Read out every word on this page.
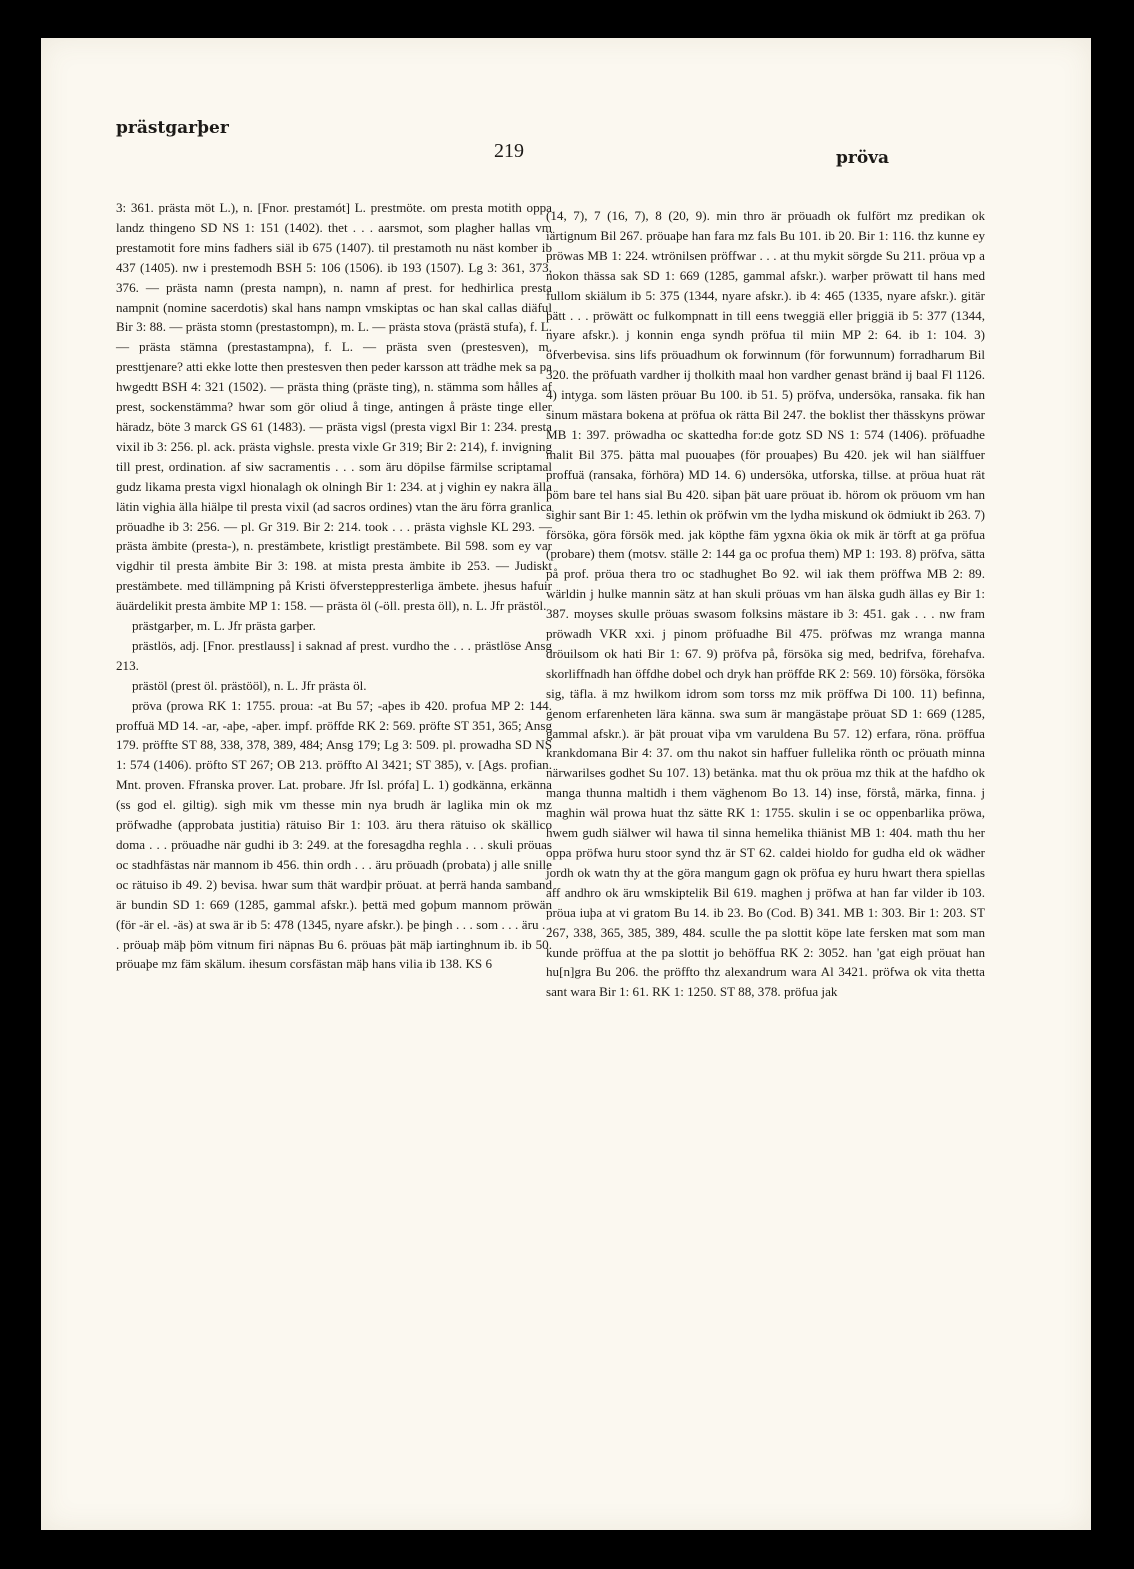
prästgarþer
219	pröva

3: 361. prästa möt L.), n. [Fnor. prestamót] L. prestmöte. om presta motith oppa landz thingeno SD NS 1: 151 (1402). thet . . . aarsmot, som plagher hallas vm prestamotit fore mins fadhers siäl ib 675 (1407). til prestamoth nu näst komber ib 437 (1405). nw i prestemodh BSH 5: 106 (1506). ib 193 (1507). Lg 3: 361, 373, 376. — prästa namn (presta nampn), n. namn af prest. for hedhirlica presta nampnit (nomine sacerdotis) skal hans nampn vmskiptas oc han skal callas diäful Bir 3: 88. — prästa stomn (prestastompn), m. L. — prästa stova (prästä stufa), f. L. — prästa stämna (prestastampna), f. L. — prästa sven (prestesven), m. presttjenare? atti ekke lotte then prestesven then peder karsson att trädhe mek sa pa hwgedtt BSH 4: 321 (1502). — prästa thing (präste ting), n. stämma som hålles af prest, sockenstämma? hwar som gör oliud å tinge, antingen å präste tinge eller häradz, böte 3 marck GS 61 (1483). — prästa vigsl (presta vigxl Bir 1: 234. presta vixil ib 3: 256. pl. ack. prästa vighsle. presta vixle Gr 319; Bir 2: 214), f. invigning till prest, ordination. af siw sacramentis . . . som äru döpilse färmilse scriptamal gudz likama presta vigxl hionalagh ok olningh Bir 1: 234. at j vighin ey nakra älla lätin vighia älla hiälpe til presta vixil (ad sacros ordines) vtan the äru förra granlica pröuadhe ib 3: 256. — pl. Gr 319. Bir 2: 214. took . . . prästa vighsle KL 293. — prästa ämbite (presta-), n. prestämbete, kristligt prestämbete. Bil 598. som ey var vigdhir til presta ämbite Bir 3: 198. at mista presta ämbite ib 253. — Judiskt prestämbete. med tillämpning på Kristi öfversteppresterliga ämbete. jhesus hafuir äuärdelikit presta ämbite MP 1: 158. — prästa öl (-öll. presta öll), n. L. Jfr prästöl.

prästgarþer, m. L. Jfr prästa garþer.

prästlös, adj. [Fnor. prestlauss] i saknad af prest. vurdho the . . . prästlöse Ansg 213.

prästöl (prest öl. prästööl), n. L. Jfr prästa öl.

pröva (prowa RK 1: 1755. proua: -at Bu 57; -aþes ib 420. profua MP 2: 144. proffuä MD 14. -ar, -aþe, -aþer. impf. pröffde RK 2: 569. pröfte ST 351, 365; Ansg 179. pröffte ST 88, 338, 378, 389, 484; Ansg 179; Lg 3: 509. pl. prowadha SD NS 1: 574 (1406). pröfto ST 267; OB 213. pröffto Al 3421; ST 385), v. [Ags. profian. Mnt. proven. Ffranska prover. Lat. probare. Jfr Isl. prófa] L. 1) godkänna, erkänna (ss god el. giltig). sigh mik vm thesse min nya brudh är laglika min ok mz pröfwadhe (approbata justitia) rätuiso Bir 1: 103. äru thera rätuiso ok skällico doma . . . pröuadhe när gudhi ib 3: 249. at the foresagdha reghla . . . skuli pröuas oc stadhfästas när mannom ib 456. thin ordh . . . äru pröuadh (probata) j alle snille oc rätuiso ib 49. 2) bevisa. hwar sum thät wardþir pröuat. at þerrä handa samband är bundin SD 1: 669 (1285, gammal afskr.). þettä med goþum mannom pröwän (för -är el. -äs) at swa är ib 5: 478 (1345, nyare afskr.). þe þingh . . . som . . . äru . . . pröuaþ mäþ þöm vitnum firi näpnas Bu 6. pröuas þät mäþ iartinghnum ib. ib 50. pröuaþe mz fäm skälum. ihesum corsfästan mäþ hans vilia ib 138. KS 6

(14, 7), 7 (16, 7), 8 (20, 9). min thro är pröuadh ok fulfört mz predikan ok iärtignum Bil 267. pröuaþe han fara mz fals Bu 101. ib 20. Bir 1: 116. thz kunne ey pröwas MB 1: 224. wtrönilsen pröffwar . . . at thu mykit sörgde Su 211. pröua vp a nokon thässa sak SD 1: 669 (1285, gammal afskr.). warþer pröwatt til hans med fullom skiälum ib 5: 375 (1344, nyare afskr.). ib 4: 465 (1335, nyare afskr.). gitär þätt . . . pröwätt oc fulkompnatt in till eens tweggiä eller þriggiä ib 5: 377 (1344, nyare afskr.). j konnin enga syndh pröfua til miin MP 2: 64. ib 1: 104. 3) öfverbevisa. sins lifs pröuadhum ok forwinnum (för forwunnum) forradharum Bil 320. the pröfuath vardher ij tholkith maal hon vardher genast bränd ij baal Fl 1126. 4) intyga. som lästen pröuar Bu 100. ib 51. 5) pröfva, undersöka, ransaka. fik han sinum mästara bokena at pröfua ok rätta Bil 247. the boklist ther thässkyns pröwar MB 1: 397. pröwadha oc skattedha for:de gotz SD NS 1: 574 (1406). pröfuadhe malit Bil 375. þätta mal puouaþes (för prouaþes) Bu 420. jek wil han siälffuer proffuä (ransaka, förhöra) MD 14. 6) undersöka, utforska, tillse. at pröua huat rät þöm bare tel hans sial Bu 420. siþan þät uare pröuat ib. hörom ok pröuom vm han sighir sant Bir 1: 45. lethin ok pröfwin vm the lydha miskund ok ödmiukt ib 263. 7) försöka, göra försök med. jak köpthe fäm ygxna ökia ok mik är törft at ga pröfua (probare) them (motsv. ställe 2: 144 ga oc profua them) MP 1: 193. 8) pröfva, sätta på prof. pröua thera tro oc stadhughet Bo 92. wil iak them pröffwa MB 2: 89. wärldin j hulke mannin sätz at han skuli pröuas vm han älska gudh ällas ey Bir 1: 387. moyses skulle pröuas swasom folksins mästare ib 3: 451. gak . . . nw fram pröwadh VKR xxi. j pinom pröfuadhe Bil 475. pröfwas mz wranga manna dröuilsom ok hati Bir 1: 67. 9) pröfva på, försöka sig med, bedrifva, förehafva. skorliffnadh han öffdhe dobel och dryk han pröffde RK 2: 569. 10) försöka, försöka sig, täfla. ä mz hwilkom idrom som torss mz mik pröffwa Di 100. 11) befinna, genom erfarenheten lära känna. swa sum är mangästaþe pröuat SD 1: 669 (1285, gammal afskr.). är þät prouat viþa vm varuldena Bu 57. 12) erfara, röna. pröffua krankdomana Bir 4: 37. om thu nakot sin haffuer fullelika rönth oc pröuath minna närwarilses godhet Su 107. 13) betänka. mat thu ok pröua mz thik at the hafdho ok manga thunna maltidh i them väghenom Bo 13. 14) inse, förstå, märka, finna. j maghin wäl prowa huat thz sätte RK 1: 1755. skulin i se oc oppenbarlika pröwa, hwem gudh siälwer wil hawa til sinna hemelika thiänist MB 1: 404. math thu her oppa pröfwa huru stoor synd thz är ST 62. caldei hioldo for gudha eld ok wädher jordh ok watn thy at the göra mangum gagn ok pröfua ey huru hwart thera spiellas aff andhro ok äru wmskiptelik Bil 619. maghen j pröfwa at han far vilder ib 103. pröua iuþa at vi gratom Bu 14. ib 23. Bo (Cod. B) 341. MB 1: 303. Bir 1: 203. ST 267, 338, 365, 385, 389, 484. sculle the pa slottit köpe late fersken mat som man kunde pröffua at the pa slottit jo behöffua RK 2: 3052. han 'gat eigh pröuat han hu[n]gra Bu 206. the pröffto thz alexandrum wara Al 3421. pröfwa ok vita thetta sant wara Bir 1: 61. RK 1: 1250. ST 88, 378. pröfua jak
